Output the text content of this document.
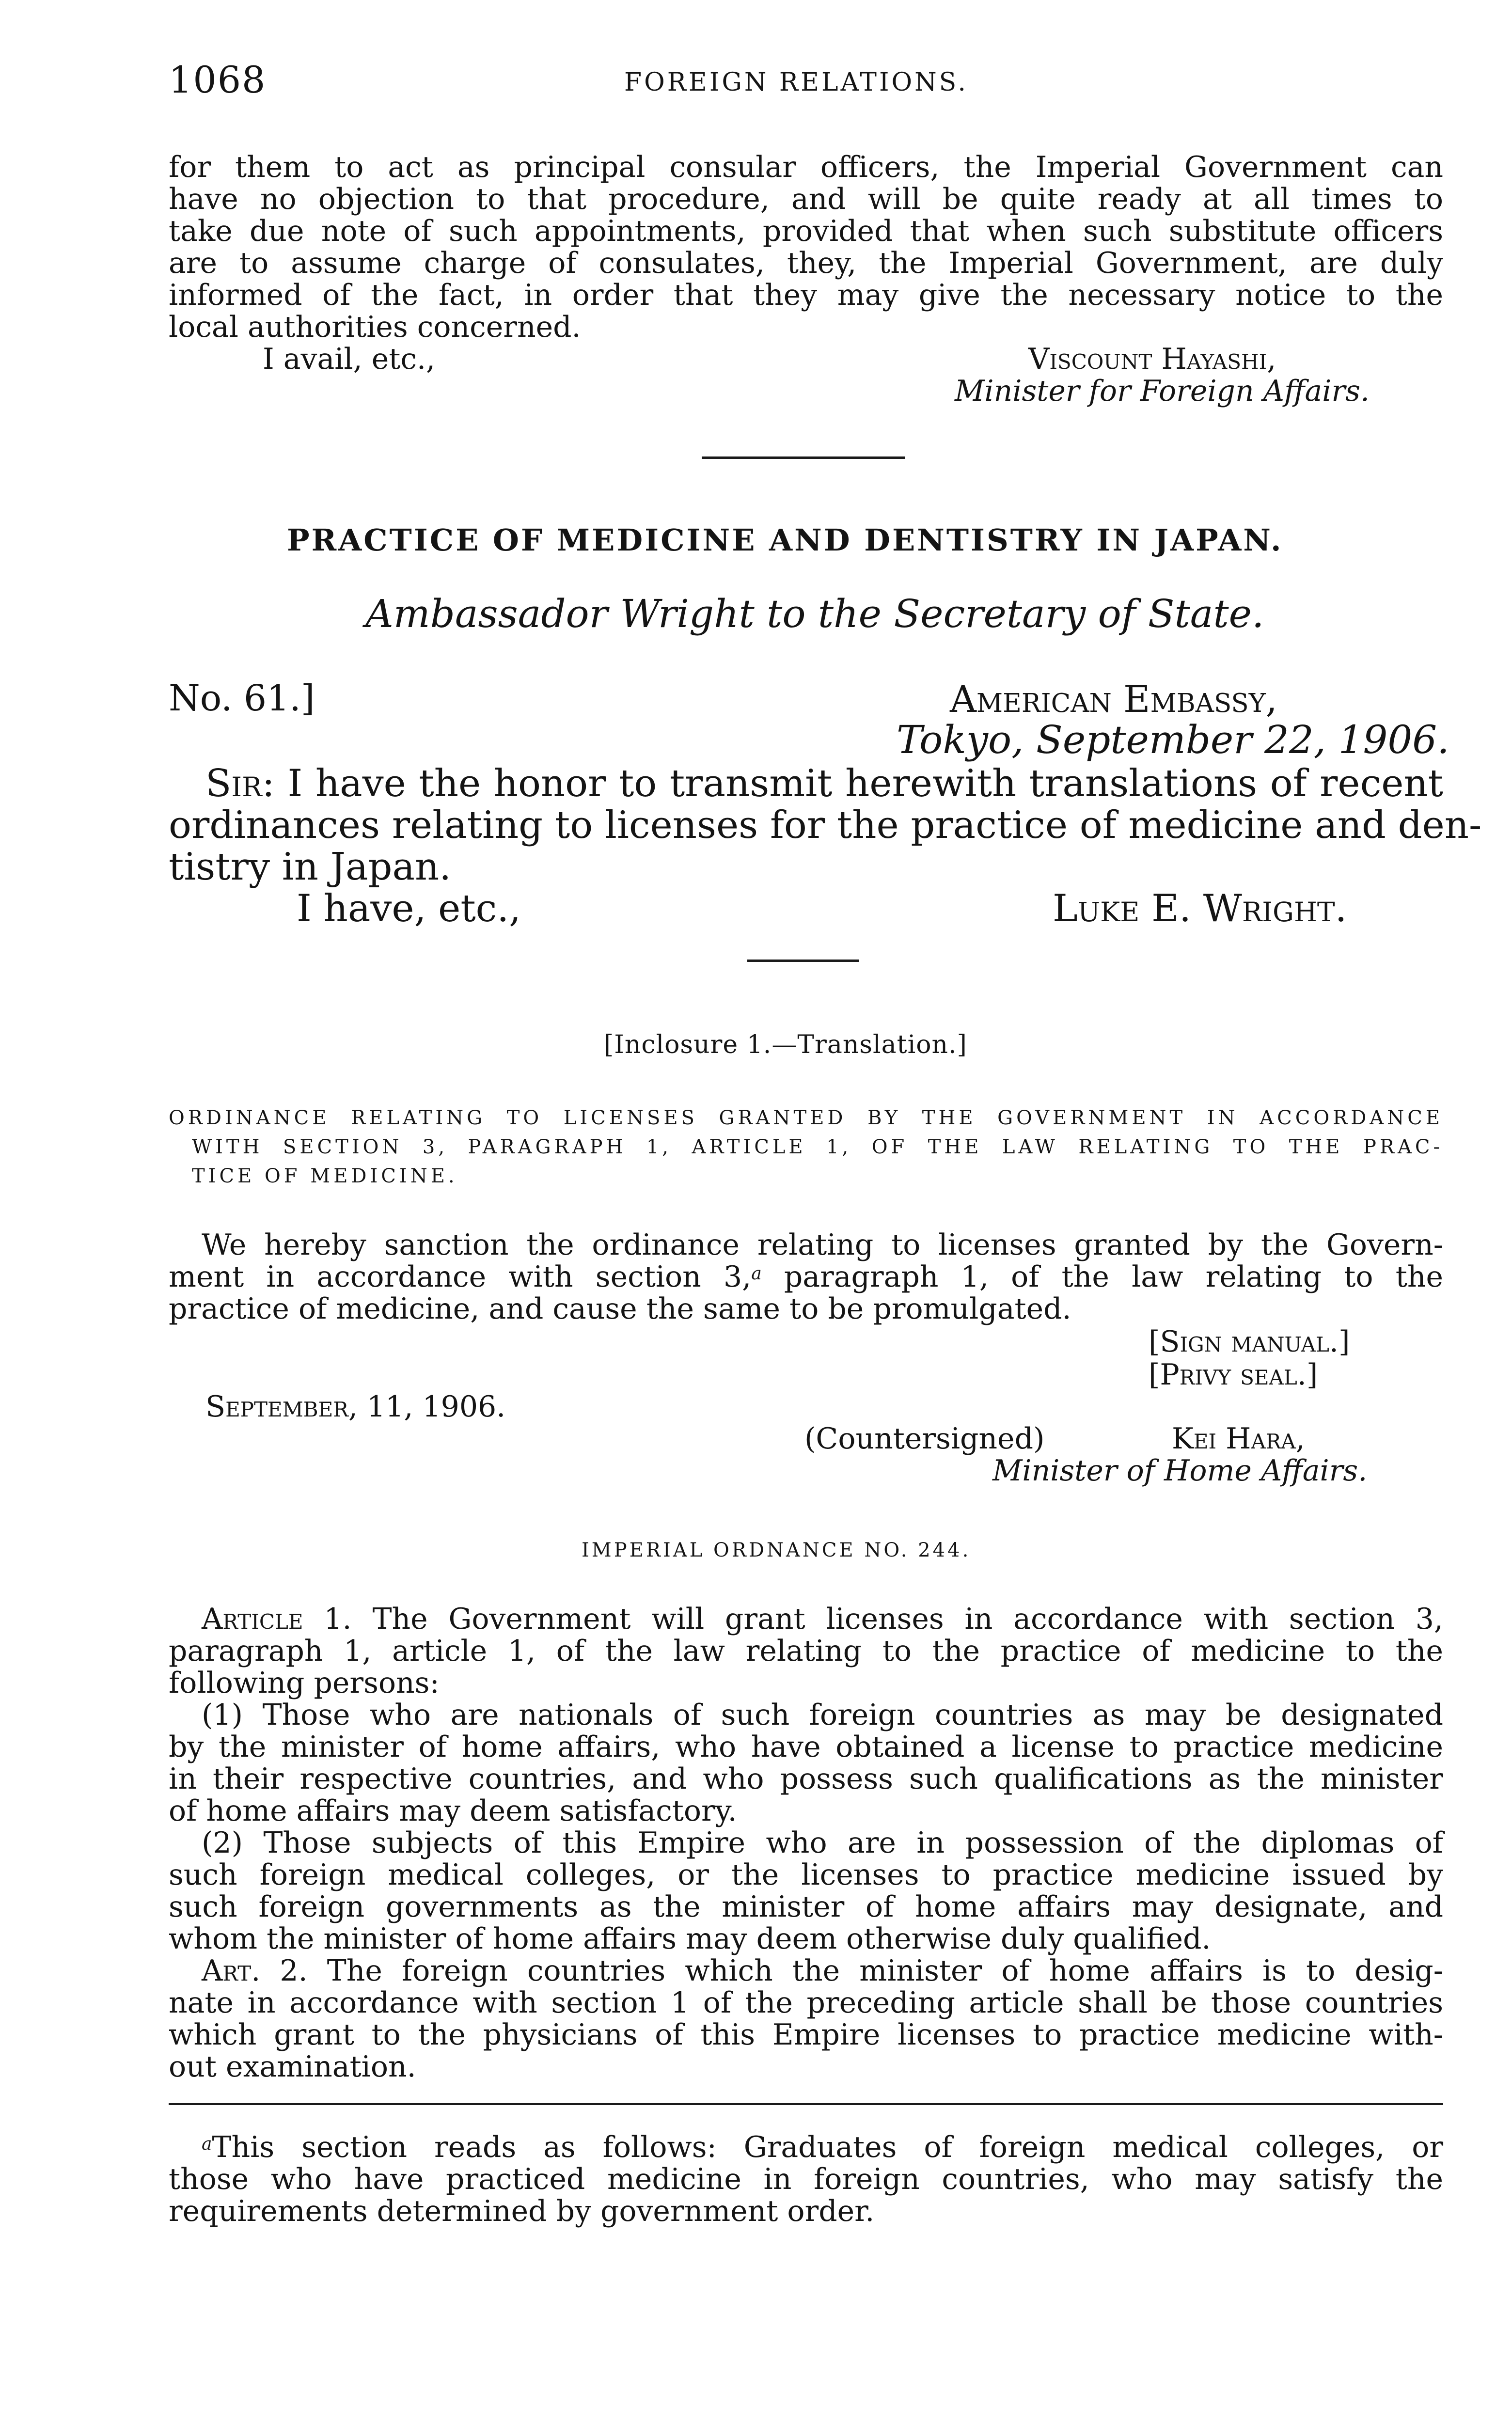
1068	FOREIGN RELATIONS.
for them to act as principal consular officers, the Imperial Government can
have no objection to that procedure, and will be quite ready at all times to
take due note of such appointments, provided that when such substitute officers
are to assume charge of consulates, they, the Imperial Government, are duly
informed of the fact, in order that they may give the necessary notice to the
local authorities concerned.
I avail, etc.,	Viscount Hayashi,
Minister for Foreign Affairs.
PRACTICE OF MEDICINE AND DENTISTRY IN JAPAN.
Ambassador Wright to the Secretary of State.
No. 61.]	American Embassy,
Tokyo, September 22, 1906.
Sir: I have the honor to transmit herewith translations of recent
ordinances relating to licenses for the practice of medicine and den-
tistry in Japan.
I have, etc.,	Luke E. Wright.
[Inclosure 1.—Translation.]
ORDINANCE RELATING TO LICENSES GRANTED BY THE GOVERNMENT IN ACCORDANCE
WITH SECTION 3, PARAGRAPH 1, ARTICLE 1, OF THE LAW RELATING TO THE PRAC-
TICE OF MEDICINE.
We hereby sanction the ordinance relating to licenses granted by the Govern-
ment in accordance with section 3,$^a$ paragraph 1, of the law relating to the
practice of medicine, and cause the same to be promulgated.
[Sign manual.]
[Privy seal.]
September, 11, 1906.
(Countersigned)	Kei Hara,
Minister of Home Affairs.
IMPERIAL ORDNANCE NO. 244.
Article 1. The Government will grant licenses in accordance with section 3,
paragraph 1, article 1, of the law relating to the practice of medicine to the
following persons:
(1) Those who are nationals of such foreign countries as may be designated
by the minister of home affairs, who have obtained a license to practice medicine
in their respective countries, and who possess such qualifications as the minister
of home affairs may deem satisfactory.
(2) Those subjects of this Empire who are in possession of the diplomas of
such foreign medical colleges, or the licenses to practice medicine issued by
such foreign governments as the minister of home affairs may designate, and
whom the minister of home affairs may deem otherwise duly qualified.
Art. 2. The foreign countries which the minister of home affairs is to desig-
nate in accordance with section 1 of the preceding article shall be those countries
which grant to the physicians of this Empire licenses to practice medicine with-
out examination.
$^a$This section reads as follows: Graduates of foreign medical colleges, or
those who have practiced medicine in foreign countries, who may satisfy the
requirements determined by government order.
